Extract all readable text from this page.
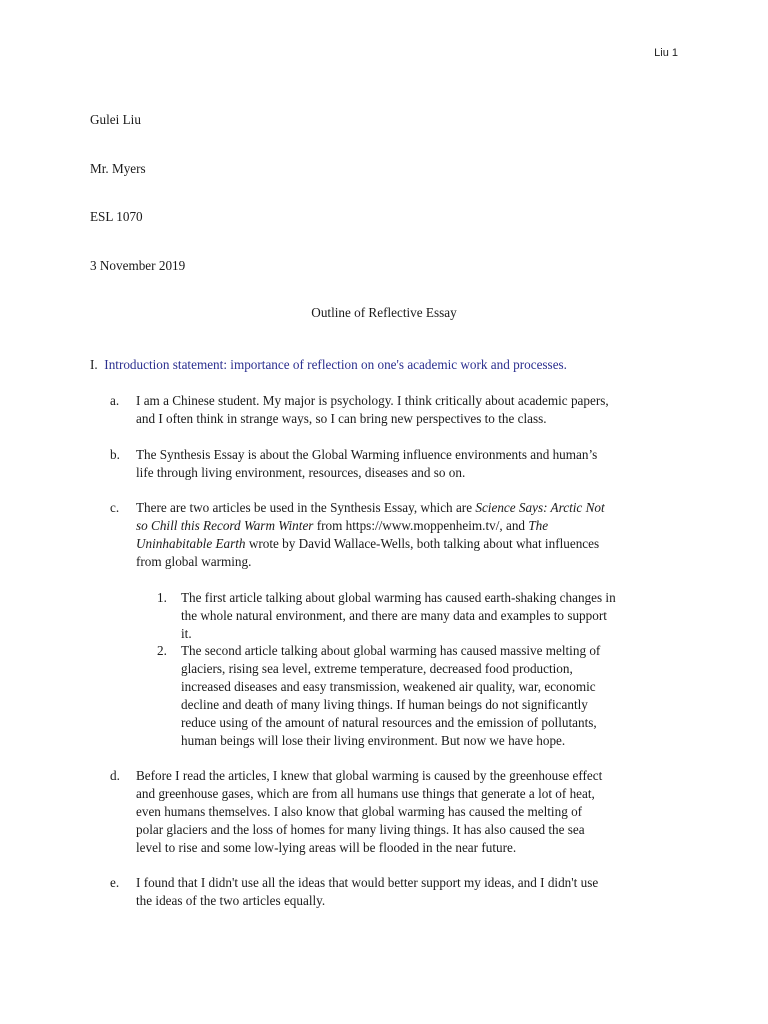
Liu 1

Gulei Liu

Mr. Myers

ESL 1070

3 November 2019

Outline of Reflective Essay
I. Introduction statement: importance of reflection on one's academic work and processes.
a.	I am a Chinese student. My major is psychology. I think critically about academic papers,
and I often think in strange ways, so I can bring new perspectives to the class.
b.	The Synthesis Essay is about the Global Warming influence environments and human’s
life through living environment, resources, diseases and so on.
c.	There are two articles be used in the Synthesis Essay, which are Science Says: Arctic Not
so Chill this Record Warm Winter from https://www.moppenheim.tv/, and The
Uninhabitable Earth wrote by David Wallace-Wells, both talking about what influences
from global warming.
1.	The first article talking about global warming has caused earth-shaking changes in
the whole natural environment, and there are many data and examples to support
it.
2.	The second article talking about global warming has caused massive melting of
glaciers, rising sea level, extreme temperature, decreased food production,
increased diseases and easy transmission, weakened air quality, war, economic
decline and death of many living things. If human beings do not significantly
reduce using of the amount of natural resources and the emission of pollutants,
human beings will lose their living environment. But now we have hope.
d.	Before I read the articles, I knew that global warming is caused by the greenhouse effect
and greenhouse gases, which are from all humans use things that generate a lot of heat,
even humans themselves. I also know that global warming has caused the melting of
polar glaciers and the loss of homes for many living things. It has also caused the sea
level to rise and some low-lying areas will be flooded in the near future.
e.	I found that I didn't use all the ideas that would better support my ideas, and I didn't use
the ideas of the two articles equally.
